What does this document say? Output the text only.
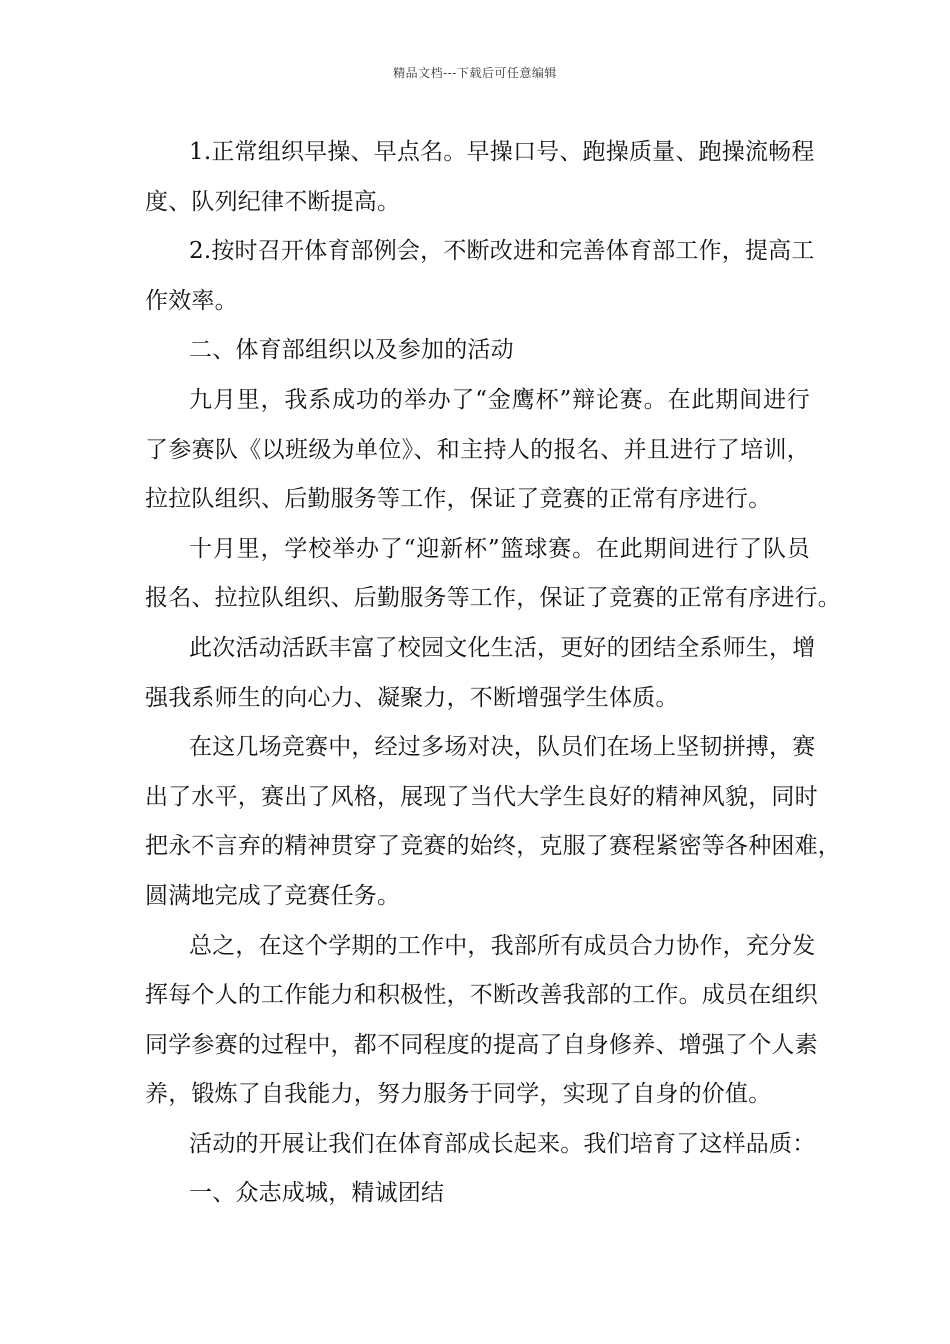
精品文档---下载后可任意编辑
1.正常组织早操、早点名。早操口号、跑操质量、跑操流畅程
度、队列纪律不断提高。
2.按时召开体育部例会，不断改进和完善体育部工作，提高工
作效率。
二、体育部组织以及参加的活动
九月里，我系成功的举办了“金鹰杯”辩论赛。在此期间进行
了参赛队《以班级为单位》、和主持人的报名、并且进行了培训，
拉拉队组织、后勤服务等工作，保证了竞赛的正常有序进行。
十月里，学校举办了“迎新杯”篮球赛。在此期间进行了队员
报名、拉拉队组织、后勤服务等工作，保证了竞赛的正常有序进行。
此次活动活跃丰富了校园文化生活，更好的团结全系师生，增
强我系师生的向心力、凝聚力，不断增强学生体质。
在这几场竞赛中，经过多场对决，队员们在场上坚韧拼搏，赛
出了水平，赛出了风格，展现了当代大学生良好的精神风貌，同时
把永不言弃的精神贯穿了竞赛的始终，克服了赛程紧密等各种困难，
圆满地完成了竞赛任务。
总之，在这个学期的工作中，我部所有成员合力协作，充分发
挥每个人的工作能力和积极性，不断改善我部的工作。成员在组织
同学参赛的过程中，都不同程度的提高了自身修养、增强了个人素
养，锻炼了自我能力，努力服务于同学，实现了自身的价值。
活动的开展让我们在体育部成长起来。我们培育了这样品质：
一、众志成城，精诚团结
